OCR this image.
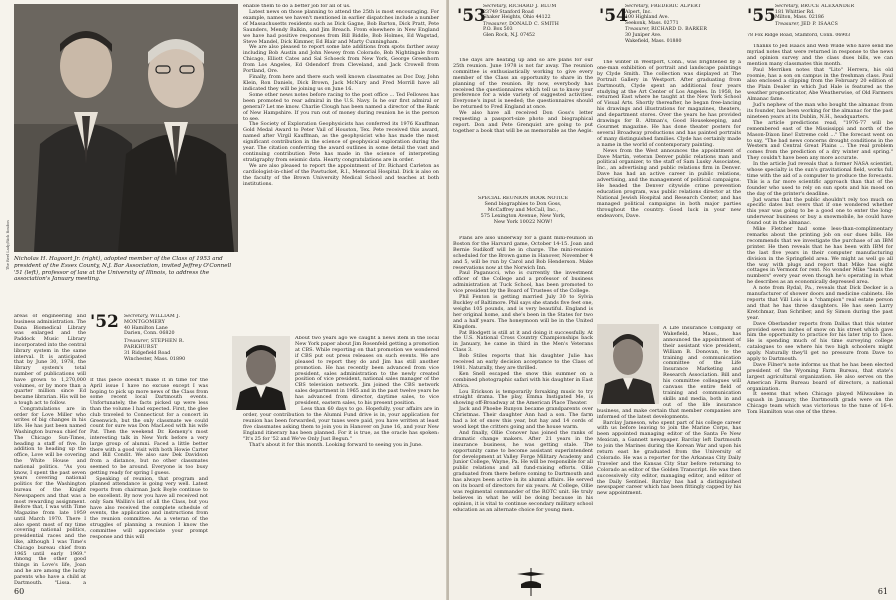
The Reel Lady/Rick Roubos Nicholas H. Hagoort Jr. (right), adopted member of the Class of 1953 and president of the Essex County, N.J. Bar Association, invited Jeffrey O'Connell '51 (left), professor of law at the University of Illinois, to address the association's January meeting.

areas of engineering and business administration. The Dana Biomedical Library was enlarged and the Paddock Music Library incorporated into the central library system in the same interval. It is anticipated that by June 30, 1978, the library system's total number of publications will have grown to 1,270,000 volumes, or by more than a quarter million since Ed became librarian. His will be a tough act to follow.

Congratulations are in order for Love Miller who writes of big changes in his life. He has just been named Washington bureau chief for The Chicago Sun-Times, heading a staff of five. In addition to heading up the office, Love will be covering the White House and national politics. "As you know, I spent the past seven years covering national politics for the Washington bureau of the Knight Newspapers and that was a most rewarding assignment. Before that, I was with Time Magazine from late 1959 until March 1970. There I also spent most of my time covering national politics, presidential races and the like, although I was Time's Chicago bureau chief from 1965 until early 1969." Among the other good things in Love's life, Joan and he are among the lucky parents who have a child at Dartmouth. "Lissa, a

'52 Secretary, WILLIAM J. MONTGOMERY
40 Hamilton Lane
Darien, Conn. 06820
Treasurer, STEPHEN R. PARKHURST
31 Ridgefield Road
Winchester, Mass. 01890

If this piece doesn't make it in time for the April issue I have no excuse except I was hoping to pick up more news of the Class from some recent local Dartmouth events. Unfortunately, the facts picked up were less than the volume I had expected. First, the glee club traveled to Connecticut for a concert in Greenwich, but the only classmate we could count for sure was Don MacLeod with his wife Pat. Then the weekend Dr. Kemeny's most interesting talk in New York before a very large group of alumni. Faced a little better there with a good visit with both Howie Carter and Bill Condit. We also saw Dek Davidson from a distance, but no other classmates seemed to be around. Everyone is too busy getting ready for spring I guess.

Speaking of reunion, that program and planned attendance is going very well. Latest reports from chairman Jack Boyle continue to be excellent. By now you have all received not only Sam Wallin's list of all the Class, but you have also received the complete schedule of events, the application and instructions from the reunion committee. As a veteran of the struggles of planning a reunion I know the committee will appreciate your prompt response and this will

enable them to do a better job for all of us.

Latest news on those planning to attend the 25th is most encouraging. For example, names we haven't mentioned in earlier dispatches include a number of Massachusetts residents such as Dick Gagne, Bob Barton, Dick Pratt, Pete Saunders, Mendy Balkin, and Jim Breach. From elsewhere in New England we have had positive responses from Bill Biddle, Bob Holmes, Ed Wagstad, Steve Mandel, Dick Kimmer, Ed Blair and Marty Cunningham.

We are also pleased to report some late additions from spots farther away including Bob Austin and John Newey from Colorado, Bob Nightingale from Chicago, Elliott Cates and Sal Schoeck from New York, George Greenhorn from Los Angeles, Ed Odendorf from Cleveland, and Jack Crowell from Portland, Ore.

Finally, from here and there such well known classmates as Doc Day, John Klein, Ron Daniels, Dick Brown, Jack McNary and Fred Morrill have all indicated they will be joining us on June 16.

Some other news notes before racing to the post office ... Ted Fellowes has been promoted to rear admiral in the U.S. Navy. Is he our first admiral or general? Let me know. Charlie Clough has been named a director of the Bank of New Hampshire. If you run out of money during reunion he is the person to see.

The Society of Exploration Geophysicists has conferred its 1976 Kauffman Gold Medal Award to Peter Vail of Houston, Tex. Pete received this award, named after Virgil Kauffman, as the geophysicist who has made the most significant contribution in the science of geophysical exploration during the year. The citation conferring the award outlines in some detail the vast and continuing contribution Pete has made in the science of interpreting stratigraphy from seismic data. Hearty congratulations are in order.

We are also pleased to report the appointment of Dr. Richard Carleton as cardiologist-in-chief of the Pawtucket, R.I., Memorial Hospital. Dick is also on the faculty of the Brown University Medical School and teaches at both institutions.

About two years ago we caught a news item in the local New York paper about Jim Rosenfeld getting a promotion at CBS. While reporting on that promotion we wondered if CBS put out press releases on such events. We are pleased to report they do and Jim has still another promotion. He has recently been advanced from vice president, sales administration to the newly created position of vice president, national sales manager of the CBS television network. Jim joined the CBS network sales department in 1965 and in the past twelve years he has advanced from director, daytime sales, to vice president, eastern sales, to his present position.

Less than 60 days to go. Hopefully, your affairs are in order, your contribution to the Alumni Fund drive is in, your application for reunion has been forwarded, your tuxes were paid, you have written at least five classmates asking them to join you in Hanover on June 16, and your New England itinerary has been planned. For it is true, as the oracle has spoken: "It's 25 for '52 and We've Only Just Begun."

That's about it for this month. Looking forward to seeing you in June.

60
'53
Secretary, RICHARD J. BLUM
23749 Stanford Road
Shaker Heights, Ohio 44122
Treasurer, DONALD C. SMITH
P.O. Box 503
Glen Rock, N.J. 07452

The days are heating up and so are plans for our 25th reunion. June 1978 is not far away. The reunion committee is enthusiastically working to give every member of the Class an opportunity to share in the planning of the reunion. By now, everybody has received the questionnaires which tell us to know your preference for a wide variety of suggested activities. Everyone's input is needed; the questionnaires should be returned to Fred England at once.

We also have all received Don Goss's letter requesting a passport-size photo and biographical report. Don and Pete Grenquist are going to put together a book that will be as memorable as the Aegis.

SPECIAL REUNION BOOK NOTICE

Send biographies to Don Goss,

McCaffrey and McCall, Inc.,

575 Lexington Avenue, New York,

New York 10022 NOW!

Plans are also underway for a giant mini-reunion in Boston for the Harvard game, October 14-15. Joan and Bernie Sudikoff will be in charge. The mini-reunion scheduled for the Brown game in Hanover, November 4 and 5, will be run by Carol and Bob Henderson. Make reservations now at the Norwich Inn.

Paul Paganucci, who is currently the investment officer of the College and a professor of business administration at Tuck School, has been promoted to vice president by the Board of Trustees of the College.

Phil Fenton is getting married July 30 to Sylvia Buckley of Baltimore. Phil says she stands five feet one, weighs 105 pounds, and is very beautiful. England is her original home, and she's been in the States for two and a half years. The honeymoon will be in the United Kingdom.

Pat Blodgett is still at it and doing it successfully. At the U.S. National Cross Country Championships back in January, he came in third in the Men's Veterans Class 3.

Bob Stiles reports that his daughter Julie has received an early decision acceptance to the Class of 1981. Naturally, they are thrilled.

Ken Snell escaped the snow this summer on a combined photographic safari with his daughter in East Africa.

Lou Erickson is temporarily forsaking music to try straight drama. The play, Emma Instigated Me, is showing off-Broadway at the American Place Theater.

Jack and Phoebe Runyon became grandparents over Christmas. Their daughter Ann had a son. The farm had a lot of snow this year, but hay and 14 cords of wood kept the critters going and the house warm.

And finally, Ollie Conover has joined the ranks of dramatic change makers. After 21 years in the insurance business, he was getting stale. The opportunity came to become assistant superintendent for development at Valley Forge Military Academy and Junior College, Wayne, Pa. He will be responsible for all public relations and all fund-raising efforts. Ollie graduated from there before coming to Dartmouth and has always been active in its alumni affairs. He served on its board of directors for six years. At College, Ollie was regimental commander of the ROTC unit. He truly believes in what he will be doing because in his opinion, it is vital to continue secondary military school education as an alternate choice for young men.

'54
Secretary, FREDERIC ALPERT
Alpert, Inc.
100 Highland Ave.
Seekonk, Mass. 02771
Treasurer, RICHARD D. BARKER
30 Juniper Ave.
Wakefield, Mass. 01880

The winter in Westport, Conn., was brightened by a one-man exhibition of portrait and landscape paintings by Clyde Smith. The collection was displayed at The Portrait Gallery in Westport. After graduating from Dartmouth, Clyde spent an additional four years studying at the Art Center of Los Angeles. In 1958, he returned East where he taught at the New York School of Visual Arts. Shortly thereafter, he began free-lancing his drawings and illustrations for magazines, theaters, and department stores. Over the years he has provided drawings for B. Altman's, Good Housekeeping, and Gourmet magazine. He has done theater posters for several Broadway productions and has painted portraits of many distinguished families. Clyde has certainly made a name in the world of contemporary painting.

News from the West announces the appointment of Dave Martin, veteran Denver public relations man and political organizer, to the staff of Sam Lusky Associates, Inc., an advertising and public relations firm in Denver. Dave has had an active career in public relations, advertising, and the management of political campaigns. He headed the Denver citywide crime prevention education program, was public relations director at the National Jewish Hospital and Research Center, and has managed political campaigns in both major parties throughout the country. Good luck in your new endeavors, Dave.

A Life Insurance Company of Wakefield, Mass., has announced the appointment of their assistant vice president, William B. Donovan, to the training and communication committee of the Life Insurance Marketing and Research Association. Bill and his committee colleagues will canvass the entire field of training and communication skills and media, both in and out of the life insurance business, and make certain that member companies are informed of the latest developments.

Barclay Jameson, who spent part of his college career with us before leaving to join the Marine Corps, has been appointed managing editor of the Santa Fe New Mexican, a Gannett newspaper. Barclay left Dartmouth to join the Marines during the Korean War and upon his return east he graduated from the University of Colorado. He was a reporter for the Arkansas City Daily Traveler and the Kansas City Star before returning to Colorado as editor of the Golden Transcript. He was then successively city editor, managing editor, and editor of the Daily Sentinel. Barclay has had a distinguished newspaper career which has been fittingly capped by his new appointment.

'55 Secretary, BRUCE ALEXANDER
181 Whittier Rd.
Milton, Mass. 02186
Treasurer, JED P. ISAACS
78 Fox Ridge Road, Stamford, Conn. 06903

Thanks to Jed Isaacs and Web Wilde who have send me myriad notes that were returned in response to the news and opinion survey and the class dues bills, we can mention many classmates this month.

Paul Merriken notes that "Lito" Herrera, his old roomie, has a son on campus in the freshman class. Paul also enclosed a clipping from the February 20 edition of the Plain Dealer in which Jud Hale is featured as the weather prognosticator, Abe Weatherwise, of Old Farmers Almanac fame.

Jud's nephew of the man who bought the almanac from its founder, has been working for the almanac for the past nineteen years at its Dublin, N.H., headquarters.

The article predictions read, "1976-77 will be remembered east of the Mississippi and north of the Mason-Dixon line! Extreme cold ..." The forecast went on to say, "The bad news concerns drought conditions in the Western and Central Great Plains ... The real problem comes from the prediction of a dry winter and spring." They couldn't have been any more accurate.

In the article Jud reveals that a former NASA scientist, whose specialty is the sun's gravitational field, works full time with the aid of a computer to produce the forecasts. This is a far more scientific approach than that of the founder who used to rely on sun spots and his mood on the day of the printer's deadline.

Jud warns that the public shouldn't rely too much on specific dates but overs that if one wondered whether this year was going to be a good one to enter the long-underwear business or buy a snowmobile, he could have found out in the almanac.

Mike Fletcher had some less-than-complimentary remarks about the printing job on our dues bills. He recommends that we investigate the purchase of an IBM printer. He then reveals that he has been with IBM for the last five years in their computer manufacturing division in the Springfield area. We might as well go all the way with plugs and report that Mike has eight cottages in Vermont for rent. No wonder Mike "beats the numbers" every year even though he's operating in what he describes as an economically depressed area.

A note from Rydal, Pa., reveals that Dick Decker is a manufacturer of shower doors and medicine cabinets. He reports that Vill Lois is a "champion" real estate person and that he has three daughters. He has seen Larry Kretchmar, Dan Schriber, and Sy Simon during the past year.

Dave Oberlander reports from Dallas that this winter provided seven inches of snow on his street which gave him the opportunity to practice for his later trip to Taos. He is spending much of his time surveying college catalogues to see where his two high schoolers might apply. Naturally they'll get no pressure from Dave to apply to Dartmouth.

Dave Filner's note informs us that he has been elected president of the Wyoming Farm Bureau, that state's largest agricultural organization. He also serves on the American Farm Bureau board of directors, a national organization.

It seems that when Chicago played Milwaukee in squash in January, the Dartmouth grads were on the Chicago team which was victorious to the tune of 16-4. Tom Hamilton was one of the three.

61
